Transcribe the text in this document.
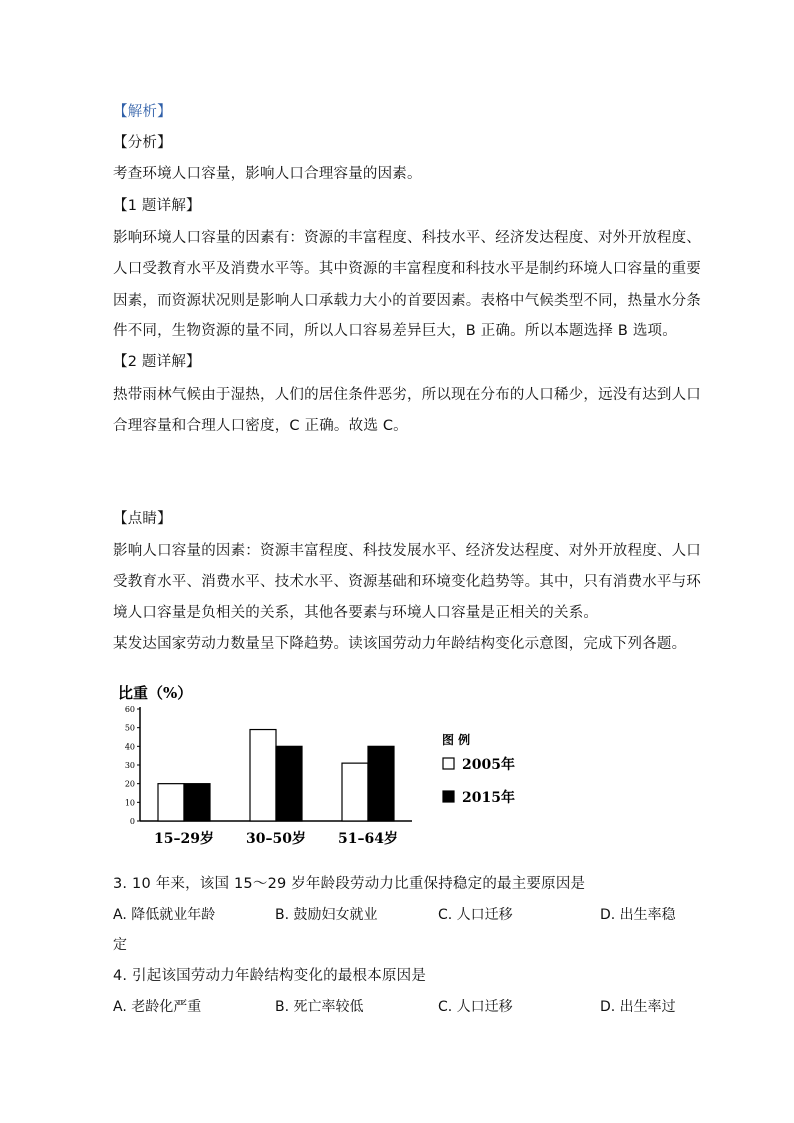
【解析】
【分析】
考查环境人口容量，影响人口合理容量的因素。
【1 题详解】
影响环境人口容量的因素有：资源的丰富程度、科技水平、经济发达程度、对外开放程度、
人口受教育水平及消费水平等。其中资源的丰富程度和科技水平是制约环境人口容量的重要
因素，而资源状况则是影响人口承载力大小的首要因素。表格中气候类型不同，热量水分条
件不同，生物资源的量不同，所以人口容易差异巨大，B 正确。所以本题选择 B 选项。
【2 题详解】
热带雨林气候由于湿热，人们的居住条件恶劣，所以现在分布的人口稀少，远没有达到人口
合理容量和合理人口密度，C 正确。故选 C。
【点睛】
影响人口容量的因素：资源丰富程度、科技发展水平、经济发达程度、对外开放程度、人口
受教育水平、消费水平、技术水平、资源基础和环境变化趋势等。其中，只有消费水平与环
境人口容量是负相关的关系，其他各要素与环境人口容量是正相关的关系。
某发达国家劳动力数量呈下降趋势。读该国劳动力年龄结构变化示意图，完成下列各题。
比重（%）
0
10
20
30
40
50
60
15–29岁 30–50岁 51–64岁
图 例
2005年
2015年
3. 10 年来，该国 15～29 岁年龄段劳动力比重保持稳定的最主要原因是
A. 降低就业年龄	B. 鼓励妇女就业	C. 人口迁移	D. 出生率稳
定
4. 引起该国劳动力年龄结构变化的最根本原因是
A. 老龄化严重	B. 死亡率较低	C. 人口迁移	D. 出生率过
